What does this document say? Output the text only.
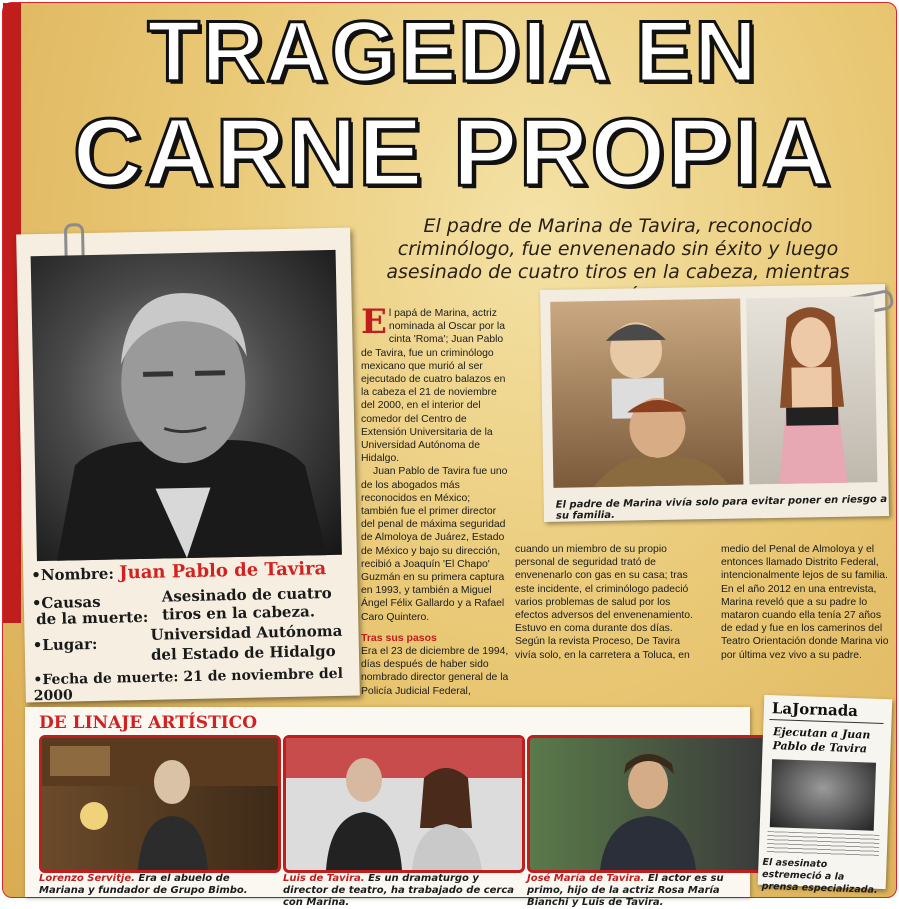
TRAGEDIA EN
CARNE PROPIA
El padre de Marina de Tavira, reconocido criminólogo, fue envenenado sin éxito y luego asesinado de cuatro tiros en la cabeza, mientras
•Nombre: Juan Pablo de Tavira
•Causas
de la muerte:
Asesinado de cuatro
tiros en la cabeza.
•Lugar:
Universidad Autónoma
del Estado de Hidalgo
•Fecha de muerte: 21 de noviembre del 2000

El papá de Marina, actriz nominada al Oscar por la cinta 'Roma'; Juan Pablo de Tavira, fue un criminólogo mexicano que murió al ser ejecutado de cuatro balazos en la cabeza el 21 de noviembre del 2000, en el interior del comedor del Centro de Extensión Universitaria de la Universidad Autónoma de Hidalgo.

Juan Pablo de Tavira fue uno de los abogados más reconocidos en México; también fue el primer director del penal de máxima seguridad de Almoloya de Juárez, Estado de México y bajo su dirección, recibió a Joaquín 'El Chapo' Guzmán en su primera captura en 1993, y también a Miguel Ángel Félix Gallardo y a Rafael Caro Quintero.

Tras sus pasos

Era el 23 de diciembre de 1994, días después de haber sido nombrado director general de la Policía Judicial Federal,

cuando un miembro de su propio personal de seguridad trató de envenenarlo con gas en su casa; tras este incidente, el criminólogo padeció varios problemas de salud por los efectos adversos del envenenamiento. Estuvo en coma durante dos días. Según la revista Proceso, De Tavira vivía solo, en la carretera a Toluca, en

medio del Penal de Almoloya y el entonces llamado Distrito Federal, intencionalmente lejos de su familia. En el año 2012 en una entrevista, Marina reveló que a su padre lo mataron cuando ella tenía 27 años de edad y fue en los camerinos del Teatro Orientación donde Marina vio por última vez vivo a su padre.

El padre de Marina vivía solo para evitar poner en riesgo a su familia.
DE LINAJE ARTÍSTICO
Lorenzo Servitje. Era el abuelo de Mariana y fundador de Grupo Bimbo.
Luis de Tavira. Es un dramaturgo y director de teatro, ha trabajado de cerca con Marina.
José María de Tavira. El actor es su primo, hijo de la actriz Rosa María Bianchi y Luis de Tavira.
LaJornada
Ejecutan a Juan
Pablo de Tavira
El asesinato estremeció a la prensa especializada.
